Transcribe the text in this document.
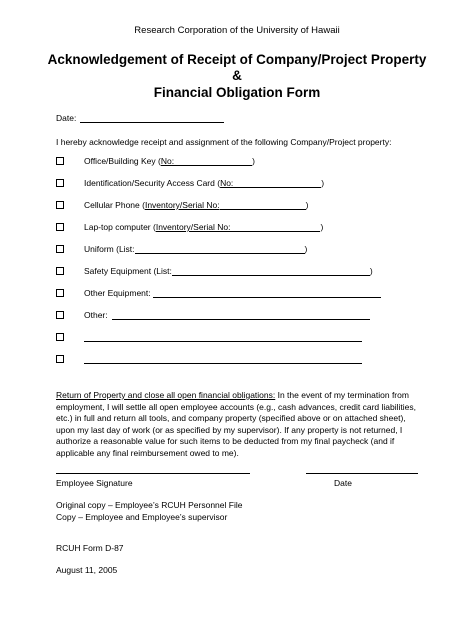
Research Corporation of the University of Hawaii
Acknowledgement of Receipt of Company/Project Property
&
Financial Obligation Form
Date:
I hereby acknowledge receipt and assignment of the following Company/Project property:
Office/Building Key ( No:	)
Identification/Security Access Card ( No:	)
Cellular Phone ( Inventory/Serial No:	)
Lap-top computer ( Inventory/Serial No:	)
Uniform (List:	)
Safety Equipment (List:	)
Other Equipment:
Other:
Return of Property and close all open financial obligations: In the event of my termination from employment, I will settle all open employee accounts (e.g., cash advances, credit card liabilities, etc.) in full and return all tools, and company property (specified above or on attached sheet), upon my last day of work (or as specified by my supervisor). If any property is not returned, I authorize a reasonable value for such items to be deducted from my final paycheck (and if applicable any final reimbursement owed to me).
Employee Signature	Date
Original copy – Employee’s RCUH Personnel File
Copy – Employee and Employee’s supervisor
RCUH Form D-87
August 11, 2005
